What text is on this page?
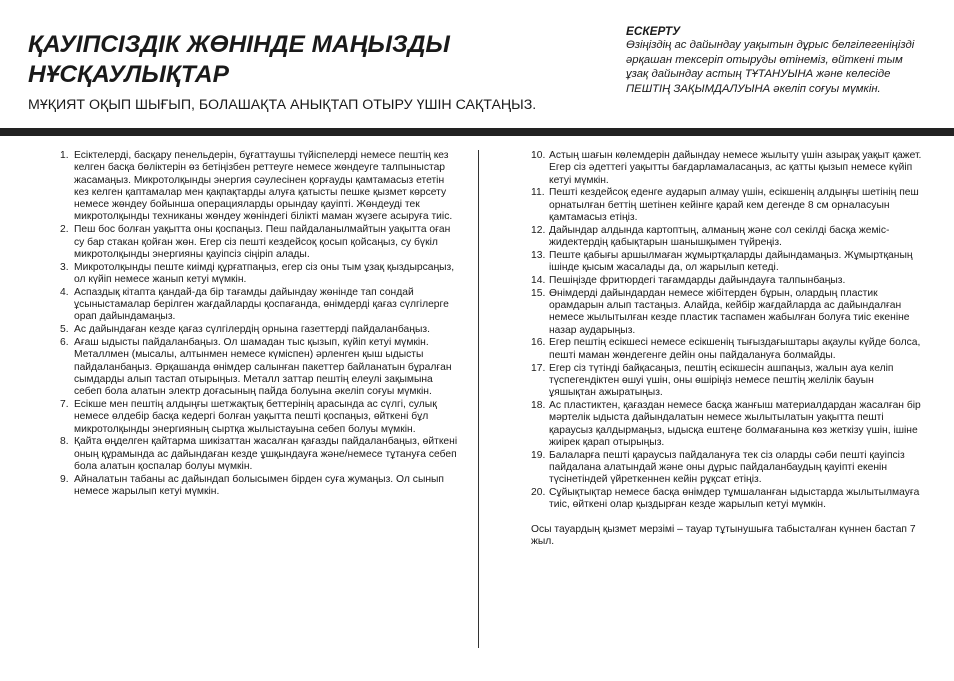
ҚАУІПСІЗДІК ЖӨНІНДЕ МАҢЫЗДЫ НҰСҚАУЛЫҚТАР

МҰҚИЯТ ОҚЫП ШЫҒЫП, БОЛАШАҚТА АНЫҚТАП ОТЫРУ ҮШІН САҚТАҢЫЗ.

ЕСКЕРТУ
Өзіңіздің ас дайындау уақытын дұрыс белгілегеніңізді әрқашан тексеріп отыруды өтінеміз, өйткені тым ұзақ дайындау астың ТҰТАНУЫНА және келесіде ПЕШТІҢ ЗАҚЫМДАЛУЫНА әкеліп соғуы мүмкін.
1. Есіктелерді, басқару пенельдерін, бұғаттаушы түйіспелерді немесе пештің кез келген басқа бөліктерін өз бетіңізбен реттеуге немесе жөндеуге талпыныстар жасамаңыз. Микротолқынды энергия сәулесінен қорғауды қамтамасыз ететін кез келген қаптамалар мен қақпақтарды алуға қатысты пешке қызмет көрсету немесе жөндеу бойынша операцияларды орындау қауіпті. Жөндеуді тек микротолқынды техниканы жөндеу жөніндегі білікті маман жүзеге асыруға тиіс.
2. Пеш бос болған уақытта оны қоспаңыз. Пеш пайдаланылмайтын уақытта оған су бар стакан қойған жөн. Егер сіз пешті кездейсоқ қосып қойсаңыз, су бүкіл микротолқынды энергияны қауіпсіз сіңіріп алады.
3. Микротолқынды пеште киімді құрғатпаңыз, егер сіз оны тым ұзақ қыздырсаңыз, ол күйіп немесе жанып кетуі мүмкін.
4. Аспаздық кітапта қандай-да бір тағамды дайындау жөнінде тап сондай ұсыныстамалар берілген жағдайларды қоспағанда, өнімдерді қағаз сүлгілерге орап дайындамаңыз.
5. Ас дайындаған кезде қағаз сүлгілердің орнына газеттерді пайдаланбаңыз.
6. Ағаш ыдысты пайдаланбаңыз. Ол шамадан тыс қызып, күйіп кетуі мүмкін. Металлмен (мысалы, алтынмен немесе күміспен) әрленген қыш ыдысты пайдаланбаңыз. Әрқашанда өнімдер салынған пакеттер байланатын бұралған сымдарды алып тастап отырыңыз. Металл заттар пештің елеулі зақымына себеп бола алатын электр доғасының пайда болуына әкеліп соғуы мүмкін.
7. Есікше мен пештің алдыңғы шетжақтық беттерінің арасында ас сүлгі, сулық немесе өлдебір басқа кедергі болған уақытта пешті қоспаңыз, өйткені бұл микротолқынды энергияның сыртқа жылыстауына себеп болуы мүмкін.
8. Қайта өңделген қайтарма шикізаттан жасалған қағазды пайдаланбаңыз, өйткені оның құрамында ас дайындаған кезде ұшқындауға және/немесе тұтануға себеп бола алатын қоспалар болуы мүмкін.
9. Айналатын табаны ас дайындап болысымен бірден суға жумаңыз. Ол сынып немесе жарылып кетуі мүмкін.
10. Астың шағын көлемдерін дайындау немесе жылыту үшін азырақ уақыт қажет. Егер сіз әдеттегі уақытты бағдарламаласаңыз, ас қатты қызып немесе күйіп кетуі мүмкін.
11. Пешті кездейсоқ еденге аударып алмау үшін, есікшенің алдыңғы шетінің пеш орнатылған беттің шетінен кейінге қарай кем дегенде 8 см орналасуын қамтамасыз етіңіз.
12. Дайындар алдында картоптың, алманың және сол секілді басқа жеміс-жидектердің қабықтарын шанышқымен түйреңіз.
13. Пеште қабығы аршылмаған жұмыртқаларды дайындамаңыз. Жұмыртқаның ішінде қысым жасалады да, ол жарылып кетеді.
14. Пешіңізде фритюрдегі тағамдарды дайындауға талпынбаңыз.
15. Өнімдерді дайындардан немесе жібітерден бұрын, олардың пластик орамдарын алып тастаңыз. Алайда, кейбір жағдайларда ас дайындалған немесе жылытылған кезде пластик таспамен жабылған болуға тиіс екеніне назар аударыңыз.
16. Егер пештің есікшесі немесе есікшенің тығыздағыштары ақаулы күйде болса, пешті маман жөндегенге дейін оны пайдалануға болмайды.
17. Егер сіз түтінді байқасаңыз, пештің есікшесін ашпаңыз, жалын ауа келіп түспегендіктен өшуі үшін, оны өшіріңіз немесе пештің желілік бауын ұяшықтан ажыратыңыз.
18. Ас пластиктен, қағаздан немесе басқа жанғыш материалдардан жасалған бір мәртелік ыдыста дайындалатын немесе жылытылатын уақытта пешті қараусыз қалдырмаңыз, ыдысқа ештеңе болмағанына көз жеткізу үшін, ішіне жиірек қарап отырыңыз.
19. Балаларға пешті қараусыз пайдалануға тек сіз оларды сәби пешті қауіпсіз пайдалана алатындай және оны дұрыс пайдаланбаудың қауіпті екенін түсінетіндей үйреткеннен кейін рұқсат етіңіз.
20. Сұйықтықтар немесе басқа өнімдер тұмшаланған ыдыстарда жылытылмауға тиіс, өйткені олар қыздырған кезде жарылып кетуі мүмкін.
Осы тауардың қызмет мерзімі – тауар тұтынушыға табысталған күннен бастап 7 жыл.
